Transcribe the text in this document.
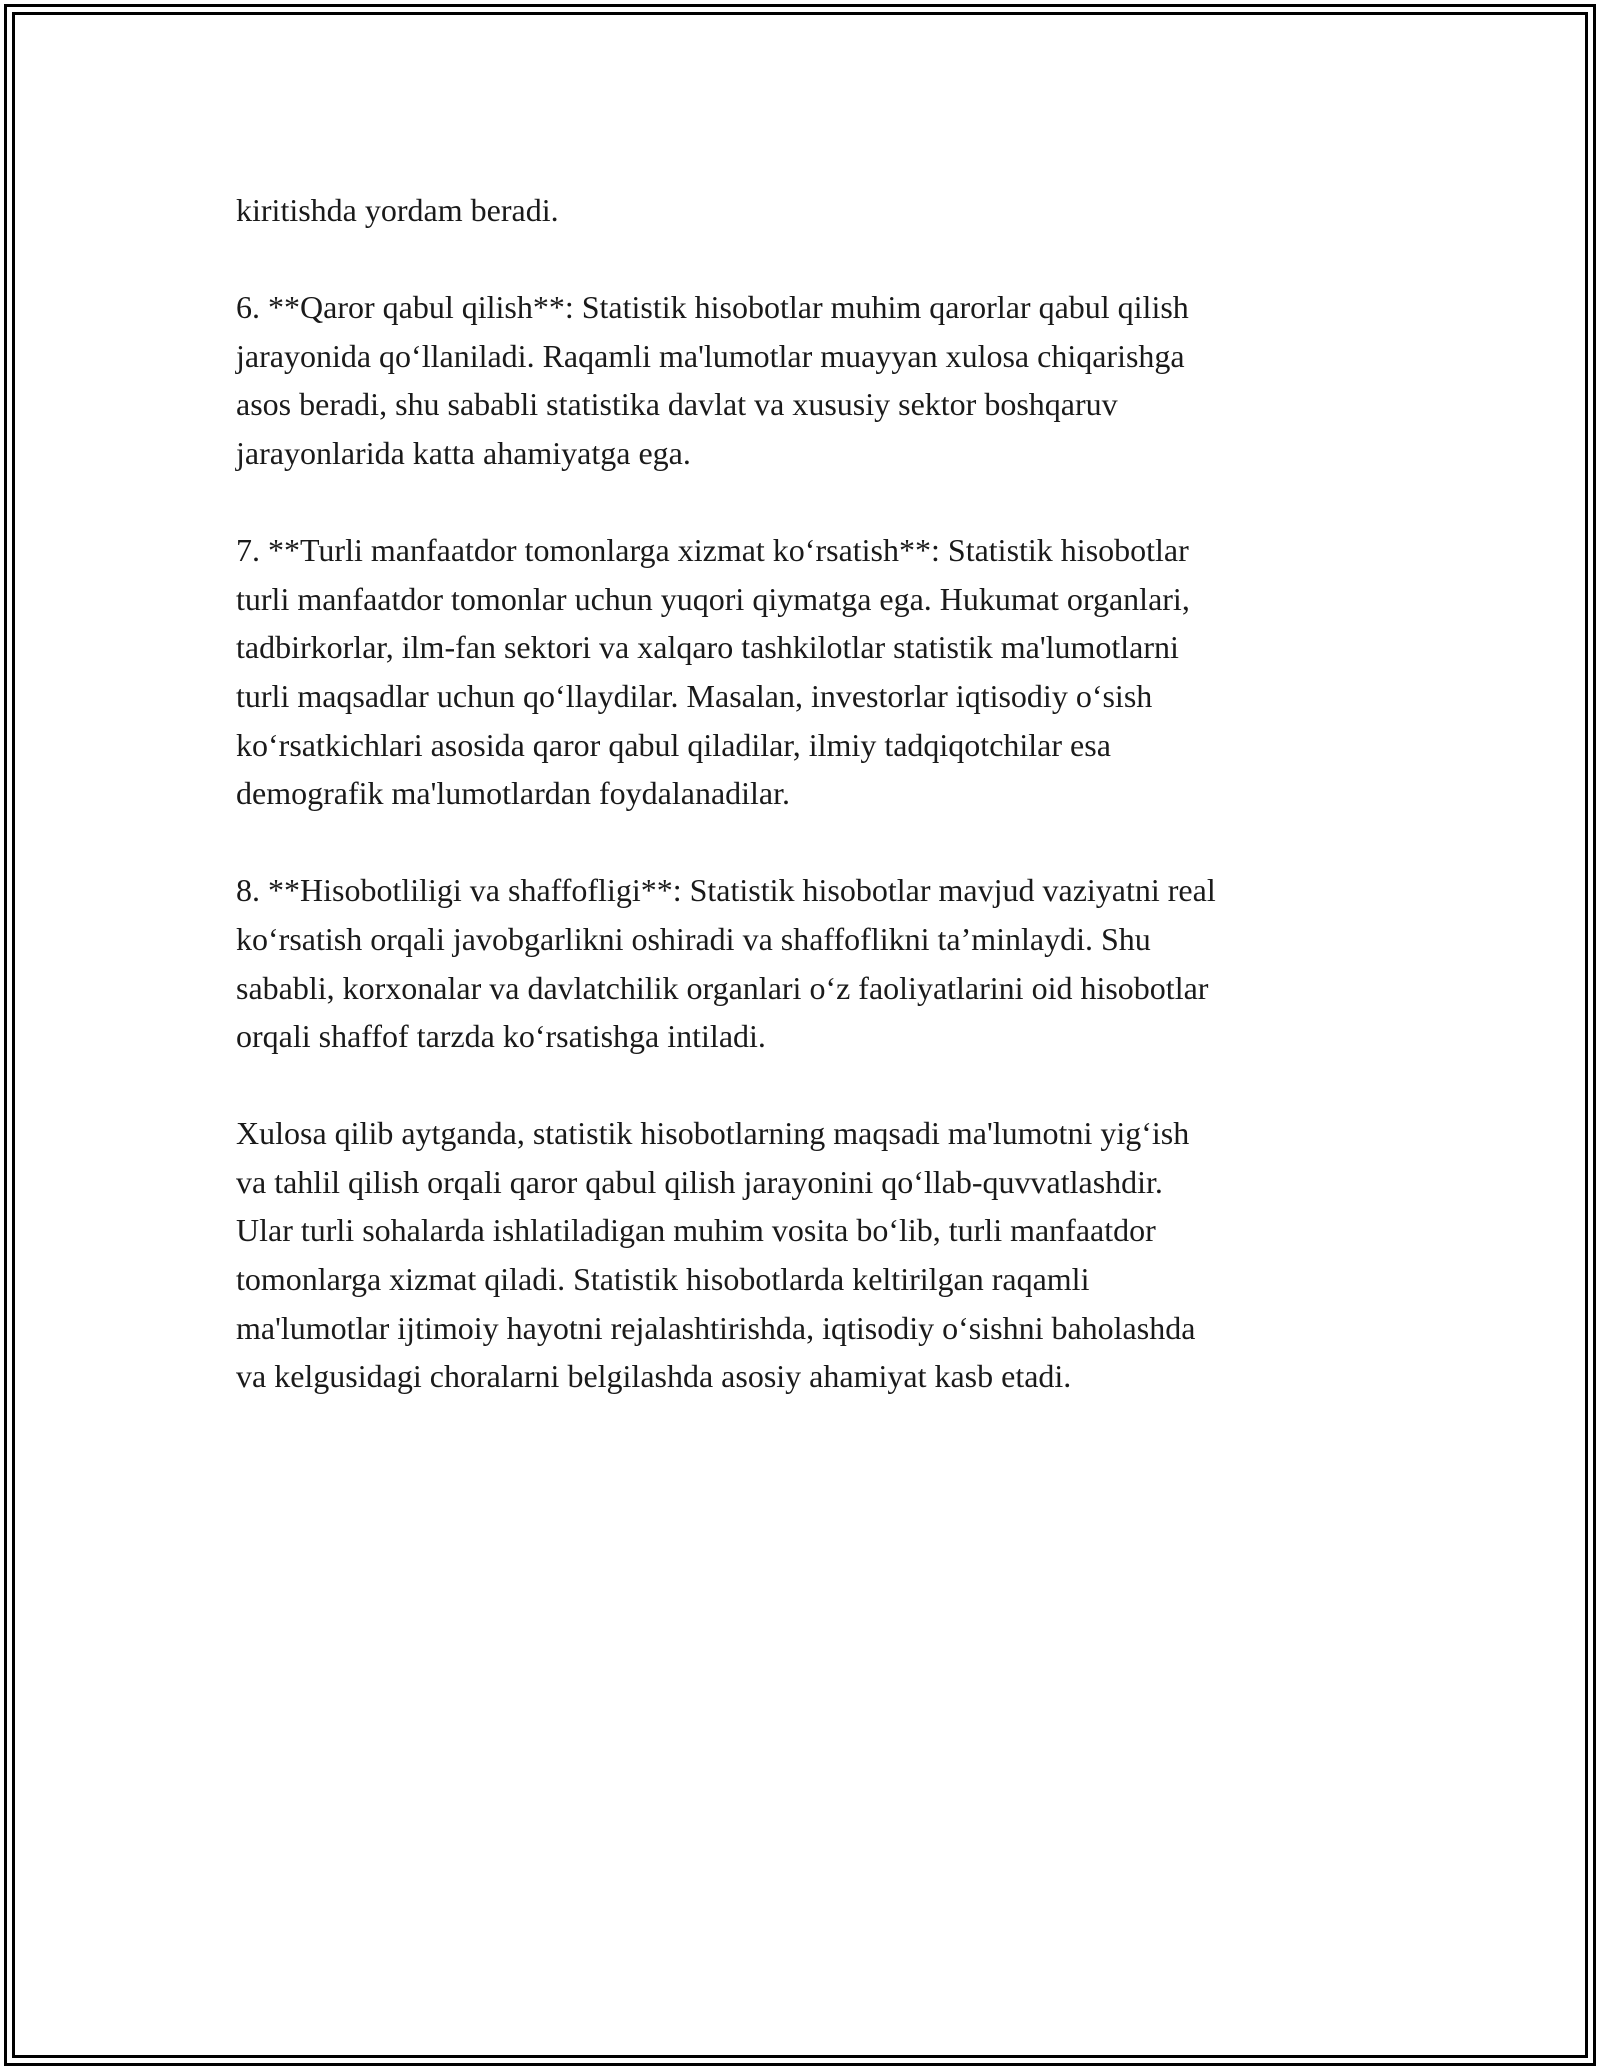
kiritishda yordam beradi.

6. **Qaror qabul qilish**: Statistik hisobotlar muhim qarorlar qabul qilish
jarayonida qo‘llaniladi. Raqamli ma'lumotlar muayyan xulosa chiqarishga
asos beradi, shu sababli statistika davlat va xususiy sektor boshqaruv
jarayonlarida katta ahamiyatga ega.

7. **Turli manfaatdor tomonlarga xizmat ko‘rsatish**: Statistik hisobotlar
turli manfaatdor tomonlar uchun yuqori qiymatga ega. Hukumat organlari,
tadbirkorlar, ilm-fan sektori va xalqaro tashkilotlar statistik ma'lumotlarni
turli maqsadlar uchun qo‘llaydilar. Masalan, investorlar iqtisodiy o‘sish
ko‘rsatkichlari asosida qaror qabul qiladilar, ilmiy tadqiqotchilar esa
demografik ma'lumotlardan foydalanadilar.

8. **Hisobotliligi va shaffofligi**: Statistik hisobotlar mavjud vaziyatni real
ko‘rsatish orqali javobgarlikni oshiradi va shaffoflikni ta’minlaydi. Shu
sababli, korxonalar va davlatchilik organlari o‘z faoliyatlarini oid hisobotlar
orqali shaffof tarzda ko‘rsatishga intiladi.

Xulosa qilib aytganda, statistik hisobotlarning maqsadi ma'lumotni yig‘ish
va tahlil qilish orqali qaror qabul qilish jarayonini qo‘llab-quvvatlashdir.
Ular turli sohalarda ishlatiladigan muhim vosita bo‘lib, turli manfaatdor
tomonlarga xizmat qiladi. Statistik hisobotlarda keltirilgan raqamli
ma'lumotlar ijtimoiy hayotni rejalashtirishda, iqtisodiy o‘sishni baholashda
va kelgusidagi choralarni belgilashda asosiy ahamiyat kasb etadi.
